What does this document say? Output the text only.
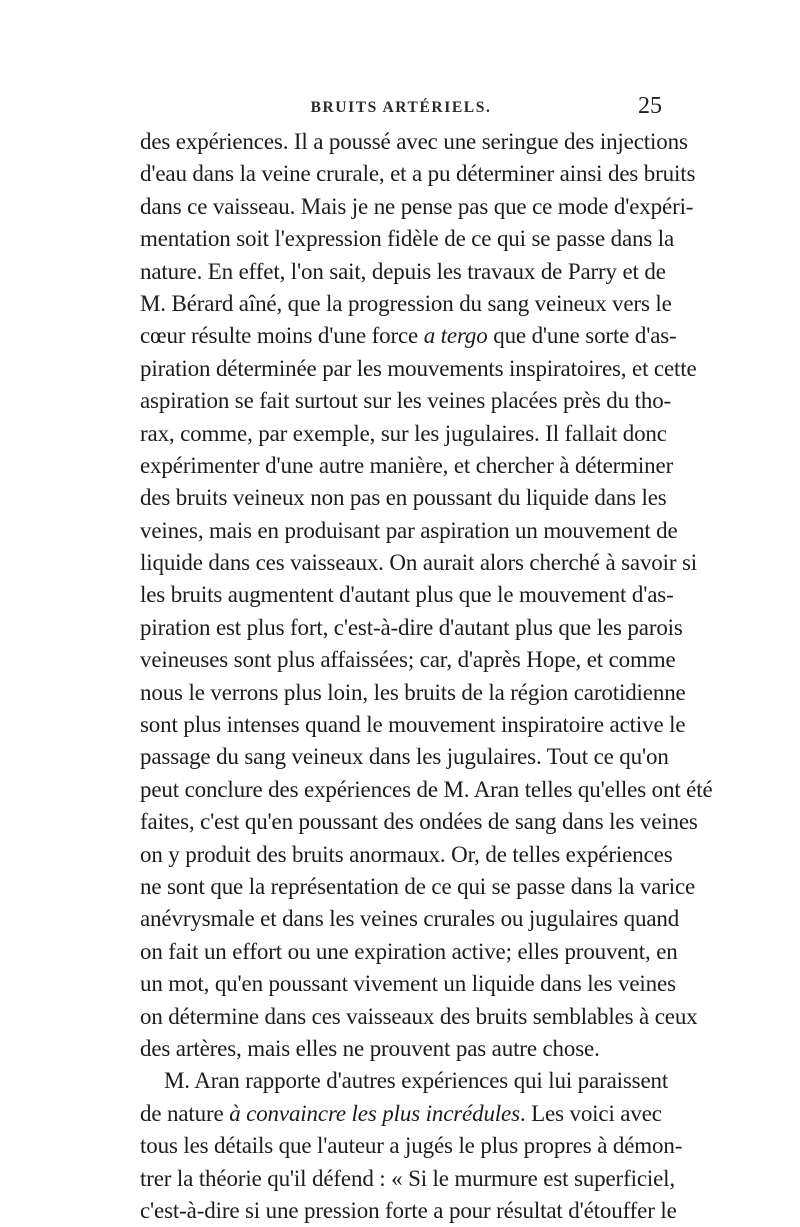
BRUITS ARTÉRIELS.	25
des expériences. Il a poussé avec une seringue des injections
d'eau dans la veine crurale, et a pu déterminer ainsi des bruits
dans ce vaisseau. Mais je ne pense pas que ce mode d'expéri-
mentation soit l'expression fidèle de ce qui se passe dans la
nature. En effet, l'on sait, depuis les travaux de Parry et de
M. Bérard aîné, que la progression du sang veineux vers le
cœur résulte moins d'une force a tergo que d'une sorte d'as-
piration déterminée par les mouvements inspiratoires, et cette
aspiration se fait surtout sur les veines placées près du tho-
rax, comme, par exemple, sur les jugulaires. Il fallait donc
expérimenter d'une autre manière, et chercher à déterminer
des bruits veineux non pas en poussant du liquide dans les
veines, mais en produisant par aspiration un mouvement de
liquide dans ces vaisseaux. On aurait alors cherché à savoir si
les bruits augmentent d'autant plus que le mouvement d'as-
piration est plus fort, c'est-à-dire d'autant plus que les parois
veineuses sont plus affaissées; car, d'après Hope, et comme
nous le verrons plus loin, les bruits de la région carotidienne
sont plus intenses quand le mouvement inspiratoire active le
passage du sang veineux dans les jugulaires. Tout ce qu'on
peut conclure des expériences de M. Aran telles qu'elles ont été
faites, c'est qu'en poussant des ondées de sang dans les veines
on y produit des bruits anormaux. Or, de telles expériences
ne sont que la représentation de ce qui se passe dans la varice
anévrysmale et dans les veines crurales ou jugulaires quand
on fait un effort ou une expiration active; elles prouvent, en
un mot, qu'en poussant vivement un liquide dans les veines
on détermine dans ces vaisseaux des bruits semblables à ceux
des artères, mais elles ne prouvent pas autre chose.
M. Aran rapporte d'autres expériences qui lui paraissent
de nature à convaincre les plus incrédules. Les voici avec
tous les détails que l'auteur a jugés le plus propres à démon-
trer la théorie qu'il défend : « Si le murmure est superficiel,
c'est-à-dire si une pression forte a pour résultat d'étouffer le
